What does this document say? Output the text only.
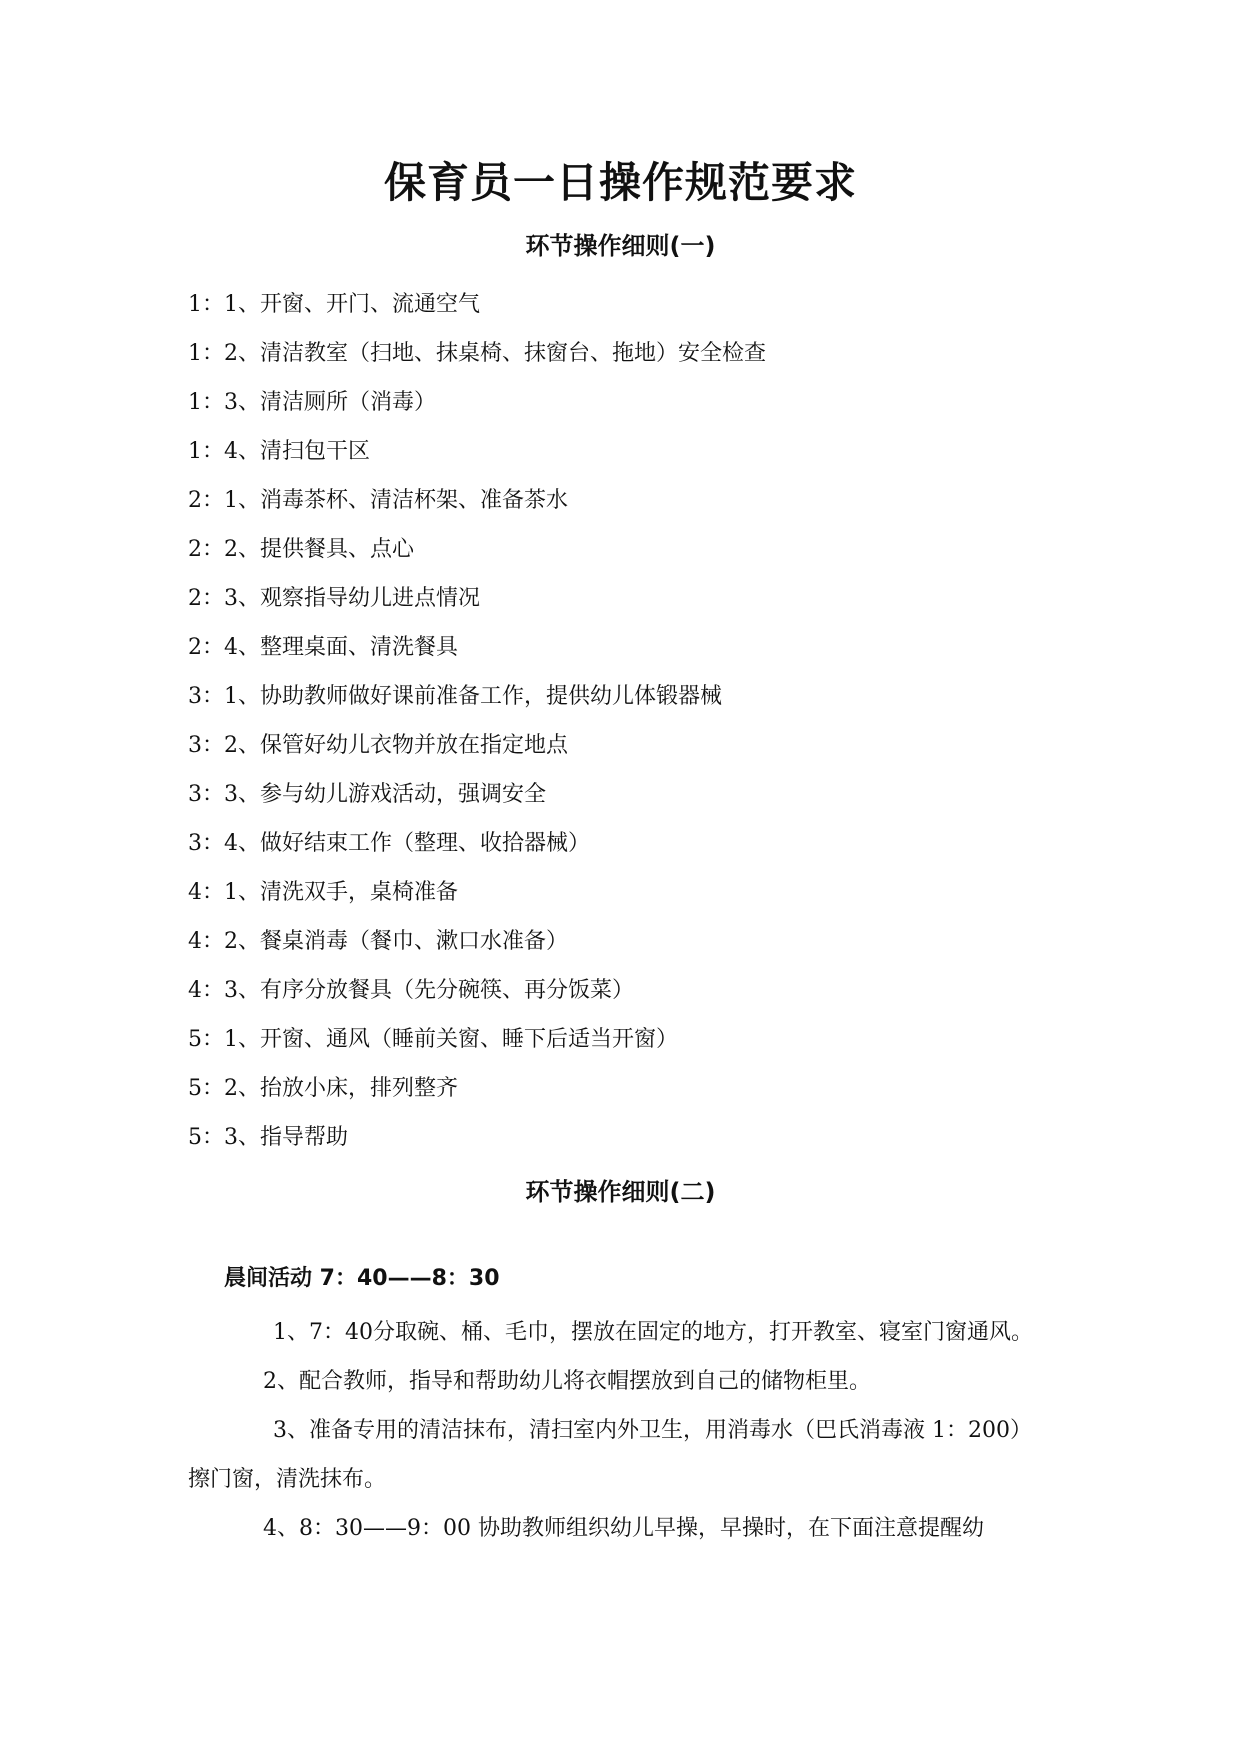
保育员一日操作规范要求
环节操作细则(一)
1：1、开窗、开门、流通空气
1：2、清洁教室（扫地、抹桌椅、抹窗台、拖地）安全检查
1：3、清洁厕所（消毒）
1：4、清扫包干区
2：1、消毒茶杯、清洁杯架、准备茶水
2：2、提供餐具、点心
2：3、观察指导幼儿进点情况
2：4、整理桌面、清洗餐具
3：1、协助教师做好课前准备工作，提供幼儿体锻器械
3：2、保管好幼儿衣物并放在指定地点
3：3、参与幼儿游戏活动，强调安全
3：4、做好结束工作（整理、收拾器械）
4：1、清洗双手，桌椅准备
4：2、餐桌消毒（餐巾、漱口水准备）
4：3、有序分放餐具（先分碗筷、再分饭菜）
5：1、开窗、通风（睡前关窗、睡下后适当开窗）
5：2、抬放小床，排列整齐
5：3、指导帮助
环节操作细则(二)
晨间活动 7：40——8：30

1、7：40分取碗、桶、毛巾，摆放在固定的地方，打开教室、寝室门窗通风。

2、配合教师，指导和帮助幼儿将衣帽摆放到自己的储物柜里。

3、准备专用的清洁抹布，清扫室内外卫生，用消毒水（巴氏消毒液 1：200）擦门窗，清洗抹布。

4、8：30——9：00 协助教师组织幼儿早操，早操时，在下面注意提醒幼
